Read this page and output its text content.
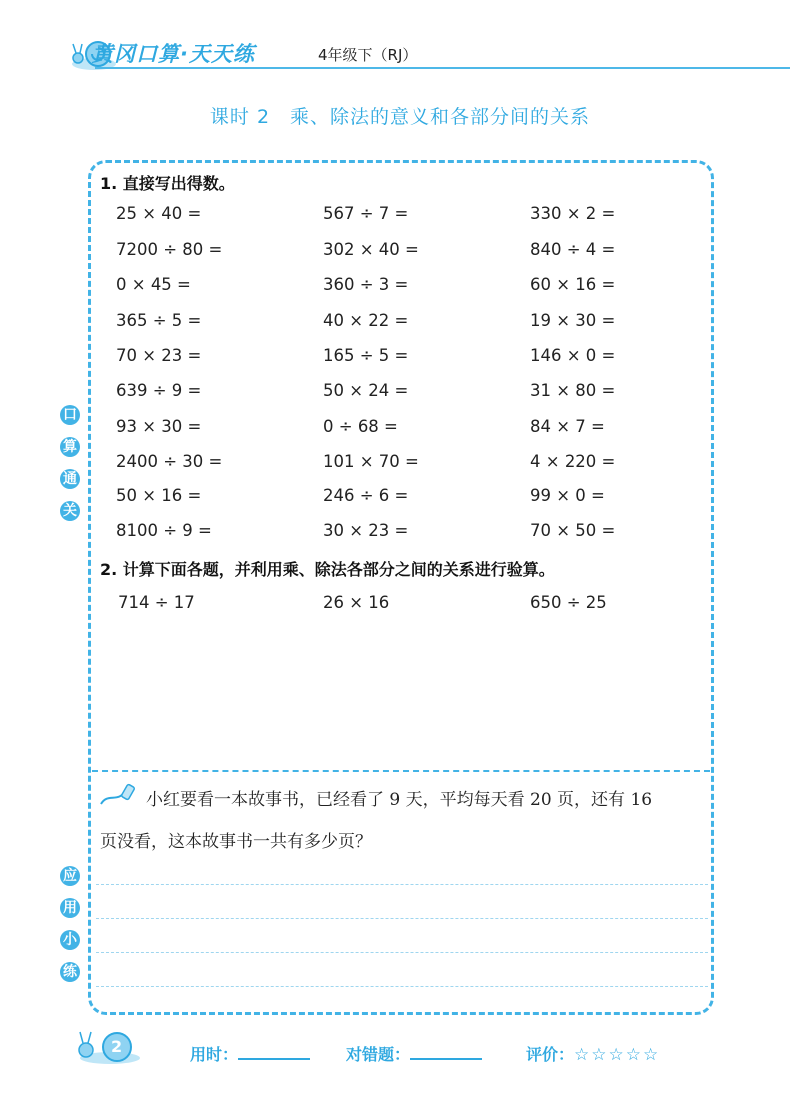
黄冈口算·天天练	4年级下（RJ）
课时 2　乘、除法的意义和各部分间的关系
1. 直接写出得数。
25 × 40 =	567 ÷ 7 =	330 × 2 =
7200 ÷ 80 =	302 × 40 =	840 ÷ 4 =
0 × 45 =	360 ÷ 3 =	60 × 16 =
365 ÷ 5 =	40 × 22 =	19 × 30 =
70 × 23 =	165 ÷ 5 =	146 × 0 =
639 ÷ 9 =	50 × 24 =	31 × 80 =
93 × 30 =	0 ÷ 68 =	84 × 7 =
2400 ÷ 30 =	101 × 70 =	4 × 220 =
50 × 16 =	246 ÷ 6 =	99 × 0 =
8100 ÷ 9 =	30 × 23 =	70 × 50 =
2. 计算下面各题，并利用乘、除法各部分之间的关系进行验算。
714 ÷ 17	26 × 16	650 ÷ 25
口
算
通
关
应
用
小
练
小红要看一本故事书，已经看了 9 天，平均每天看 20 页，还有 16
页没看，这本故事书一共有多少页？
2	用时：	对错题：	评价：☆☆☆☆☆
